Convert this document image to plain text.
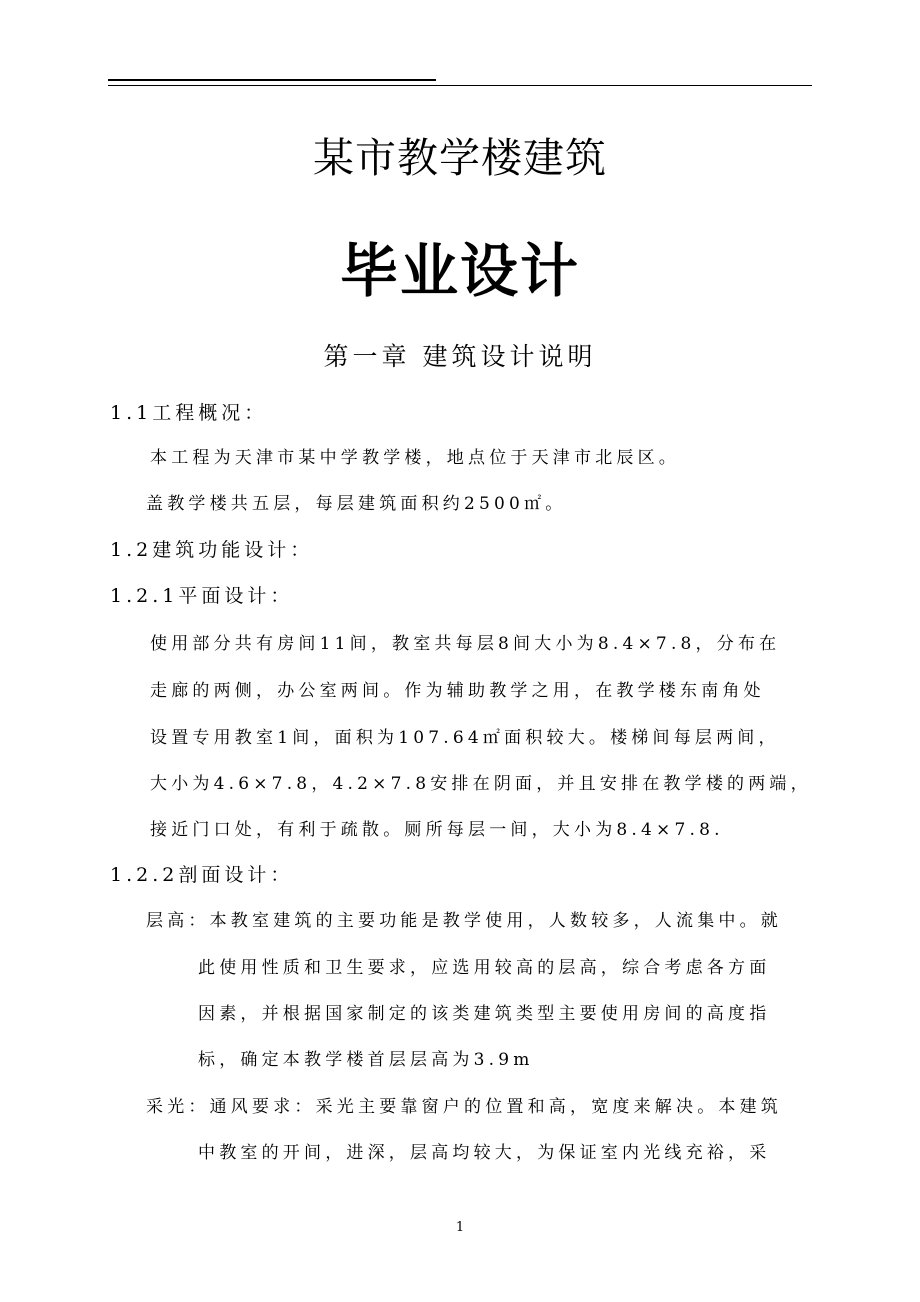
某市教学楼建筑
毕业设计
第一章 建筑设计说明
1.1工程概况：
本工程为天津市某中学教学楼，地点位于天津市北辰区。
盖教学楼共五层，每层建筑面积约2500㎡。
1.2建筑功能设计：
1.2.1平面设计：
使用部分共有房间11间，教室共每层8间大小为8.4×7.8，分布在
走廊的两侧，办公室两间。作为辅助教学之用，在教学楼东南角处
设置专用教室1间，面积为107.64㎡面积较大。楼梯间每层两间，
大小为4.6×7.8，4.2×7.8安排在阴面，并且安排在教学楼的两端，
接近门口处，有利于疏散。厕所每层一间，大小为8.4×7.8.
1.2.2剖面设计：
层高：本教室建筑的主要功能是教学使用，人数较多，人流集中。就
此使用性质和卫生要求，应选用较高的层高，综合考虑各方面
因素，并根据国家制定的该类建筑类型主要使用房间的高度指
标，确定本教学楼首层层高为3.9m
采光：通风要求：采光主要靠窗户的位置和高，宽度来解决。本建筑
中教室的开间，进深，层高均较大，为保证室内光线充裕，采
1
